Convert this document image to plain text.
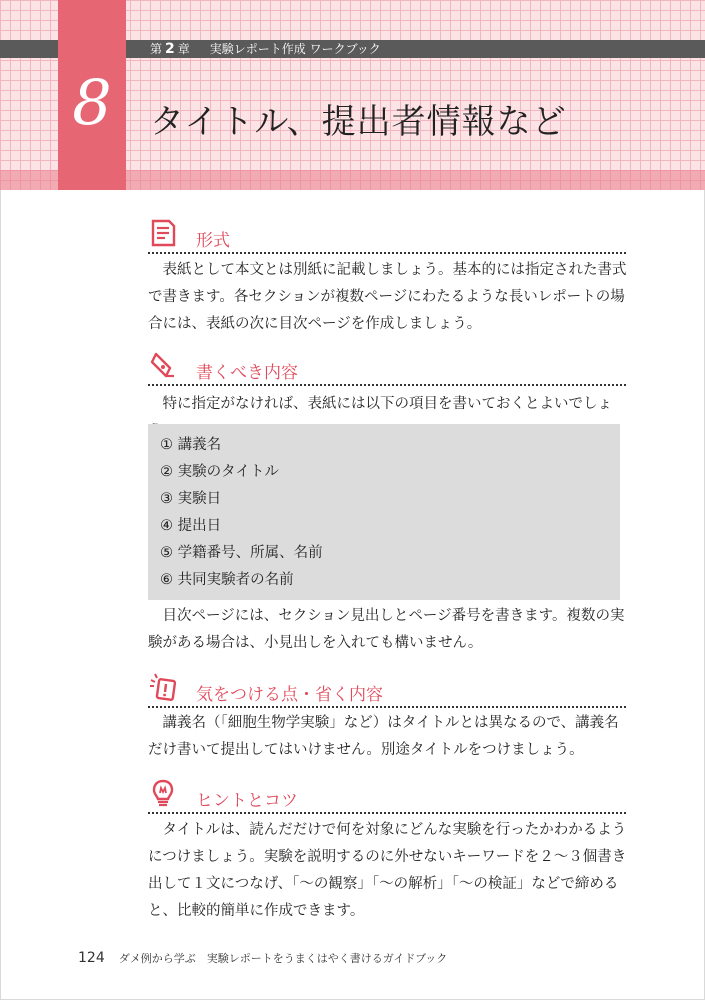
8
第 2 章 実験レポート作成 ワークブック
タイトル、提出者情報など
形式

表紙として本文とは別紙に記載しましょう。基本的には指定された書式で書きます。各セクションが複数ページにわたるような長いレポートの場合には、表紙の次に目次ページを作成しましょう。

書くべき内容

特に指定がなければ、表紙には以下の項目を書いておくとよいでしょ

① 講義名
② 実験のタイトル
③ 実験日
④ 提出日
⑤ 学籍番号、所属、名前
⑥ 共同実験者の名前

目次ページには、セクション見出しとページ番号を書きます。複数の実験がある場合は、小見出しを入れても構いません。

気をつける点・省く内容

講義名（「細胞生物学実験」など）はタイトルとは異なるので、講義名だけ書いて提出してはいけません。別途タイトルをつけましょう。

ヒントとコツ

タイトルは、読んだだけで何を対象にどんな実験を行ったかわかるようにつけましょう。実験を説明するのに外せないキーワードを２～３個書き出して１文につなげ、「～の観察」「～の解析」「～の検証」などで締めると、比較的簡単に作成できます。

124 ダメ例から学ぶ　実験レポートをうまくはやく書けるガイドブック
